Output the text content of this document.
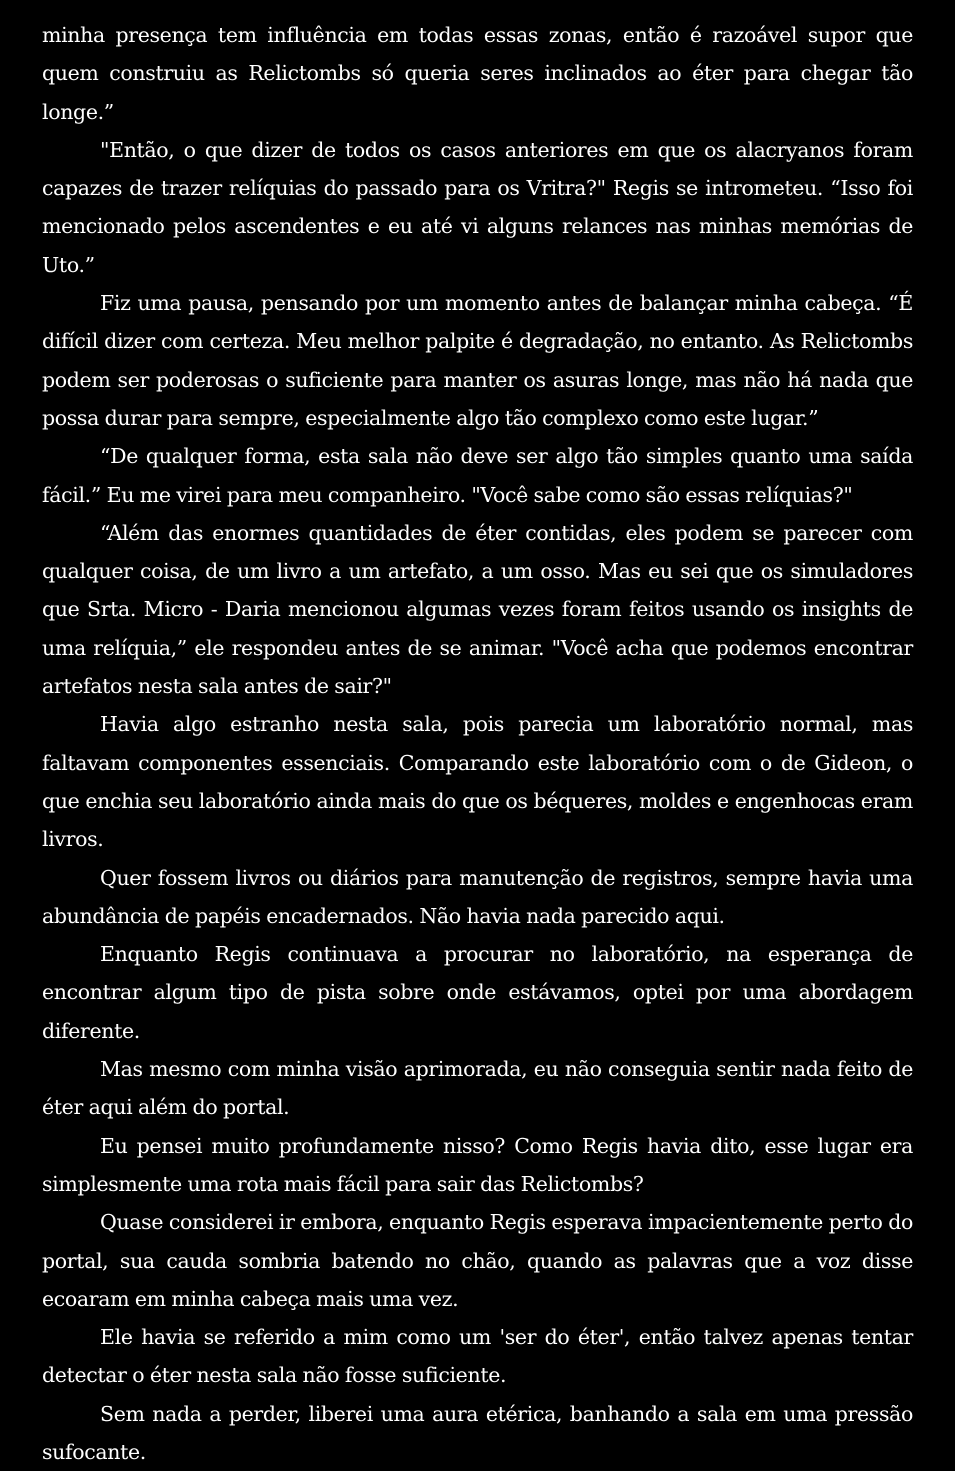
minha presença tem influência em todas essas zonas, então é razoável supor que quem construiu as Relictombs só queria seres inclinados ao éter para chegar tão longe.”

"Então, o que dizer de todos os casos anteriores em que os alacryanos foram capazes de trazer relíquias do passado para os Vritra?" Regis se intrometeu. “Isso foi mencionado pelos ascendentes e eu até vi alguns relances nas minhas memórias de Uto.”

Fiz uma pausa, pensando por um momento antes de balançar minha cabeça. “É difícil dizer com certeza. Meu melhor palpite é degradação, no entanto. As Relictombs podem ser poderosas o suficiente para manter os asuras longe, mas não há nada que possa durar para sempre, especialmente algo tão complexo como este lugar.”

“De qualquer forma, esta sala não deve ser algo tão simples quanto uma saída fácil.” Eu me virei para meu companheiro. "Você sabe como são essas relíquias?"

“Além das enormes quantidades de éter contidas, eles podem se parecer com qualquer coisa, de um livro a um artefato, a um osso. Mas eu sei que os simuladores que Srta. Micro - Daria mencionou algumas vezes foram feitos usando os insights de uma relíquia,” ele respondeu antes de se animar. "Você acha que podemos encontrar artefatos nesta sala antes de sair?"

Havia algo estranho nesta sala, pois parecia um laboratório normal, mas faltavam componentes essenciais. Comparando este laboratório com o de Gideon, o que enchia seu laboratório ainda mais do que os béqueres, moldes e engenhocas eram livros.

Quer fossem livros ou diários para manutenção de registros, sempre havia uma abundância de papéis encadernados. Não havia nada parecido aqui.

Enquanto Regis continuava a procurar no laboratório, na esperança de encontrar algum tipo de pista sobre onde estávamos, optei por uma abordagem diferente.

Mas mesmo com minha visão aprimorada, eu não conseguia sentir nada feito de éter aqui além do portal.

Eu pensei muito profundamente nisso? Como Regis havia dito, esse lugar era simplesmente uma rota mais fácil para sair das Relictombs?

Quase considerei ir embora, enquanto Regis esperava impacientemente perto do portal, sua cauda sombria batendo no chão, quando as palavras que a voz disse ecoaram em minha cabeça mais uma vez.

Ele havia se referido a mim como um 'ser do éter', então talvez apenas tentar detectar o éter nesta sala não fosse suficiente.

Sem nada a perder, liberei uma aura etérica, banhando a sala em uma pressão sufocante.
